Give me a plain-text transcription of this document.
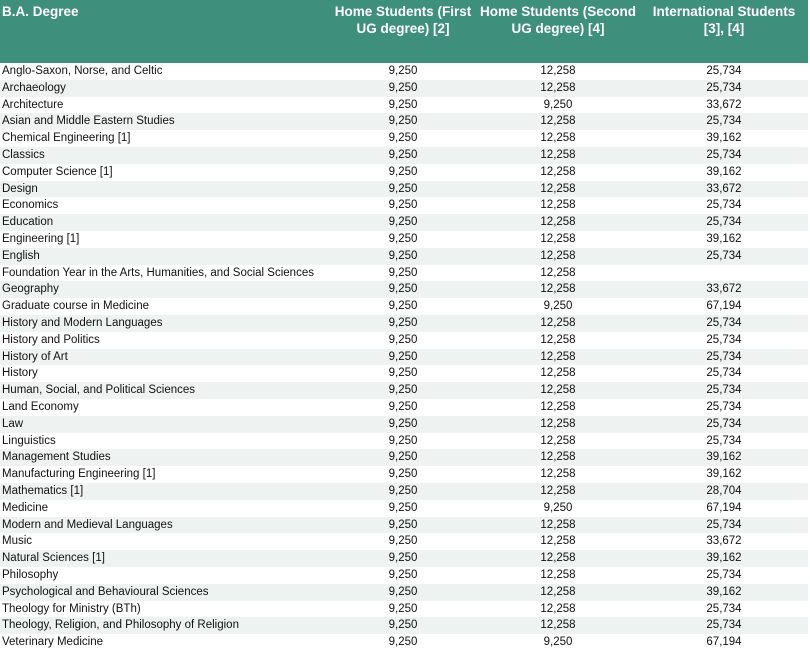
B.A. Degree	Home Students (First UG degree) [2]	Home Students (Second UG degree) [4]	International Students [3], [4]
Anglo-Saxon, Norse, and Celtic	9,250	12,258	25,734
Archaeology	9,250	12,258	25,734
Architecture	9,250	9,250	33,672
Asian and Middle Eastern Studies	9,250	12,258	25,734
Chemical Engineering [1]	9,250	12,258	39,162
Classics	9,250	12,258	25,734
Computer Science [1]	9,250	12,258	39,162
Design	9,250	12,258	33,672
Economics	9,250	12,258	25,734
Education	9,250	12,258	25,734
Engineering [1]	9,250	12,258	39,162
English	9,250	12,258	25,734
Foundation Year in the Arts, Humanities, and Social Sciences	9,250	12,258	
Geography	9,250	12,258	33,672
Graduate course in Medicine	9,250	9,250	67,194
History and Modern Languages	9,250	12,258	25,734
History and Politics	9,250	12,258	25,734
History of Art	9,250	12,258	25,734
History	9,250	12,258	25,734
Human, Social, and Political Sciences	9,250	12,258	25,734
Land Economy	9,250	12,258	25,734
Law	9,250	12,258	25,734
Linguistics	9,250	12,258	25,734
Management Studies	9,250	12,258	39,162
Manufacturing Engineering [1]	9,250	12,258	39,162
Mathematics [1]	9,250	12,258	28,704
Medicine	9,250	9,250	67,194
Modern and Medieval Languages	9,250	12,258	25,734
Music	9,250	12,258	33,672
Natural Sciences [1]	9,250	12,258	39,162
Philosophy	9,250	12,258	25,734
Psychological and Behavioural Sciences	9,250	12,258	39,162
Theology for Ministry (BTh)	9,250	12,258	25,734
Theology, Religion, and Philosophy of Religion	9,250	12,258	25,734
Veterinary Medicine	9,250	9,250	67,194
